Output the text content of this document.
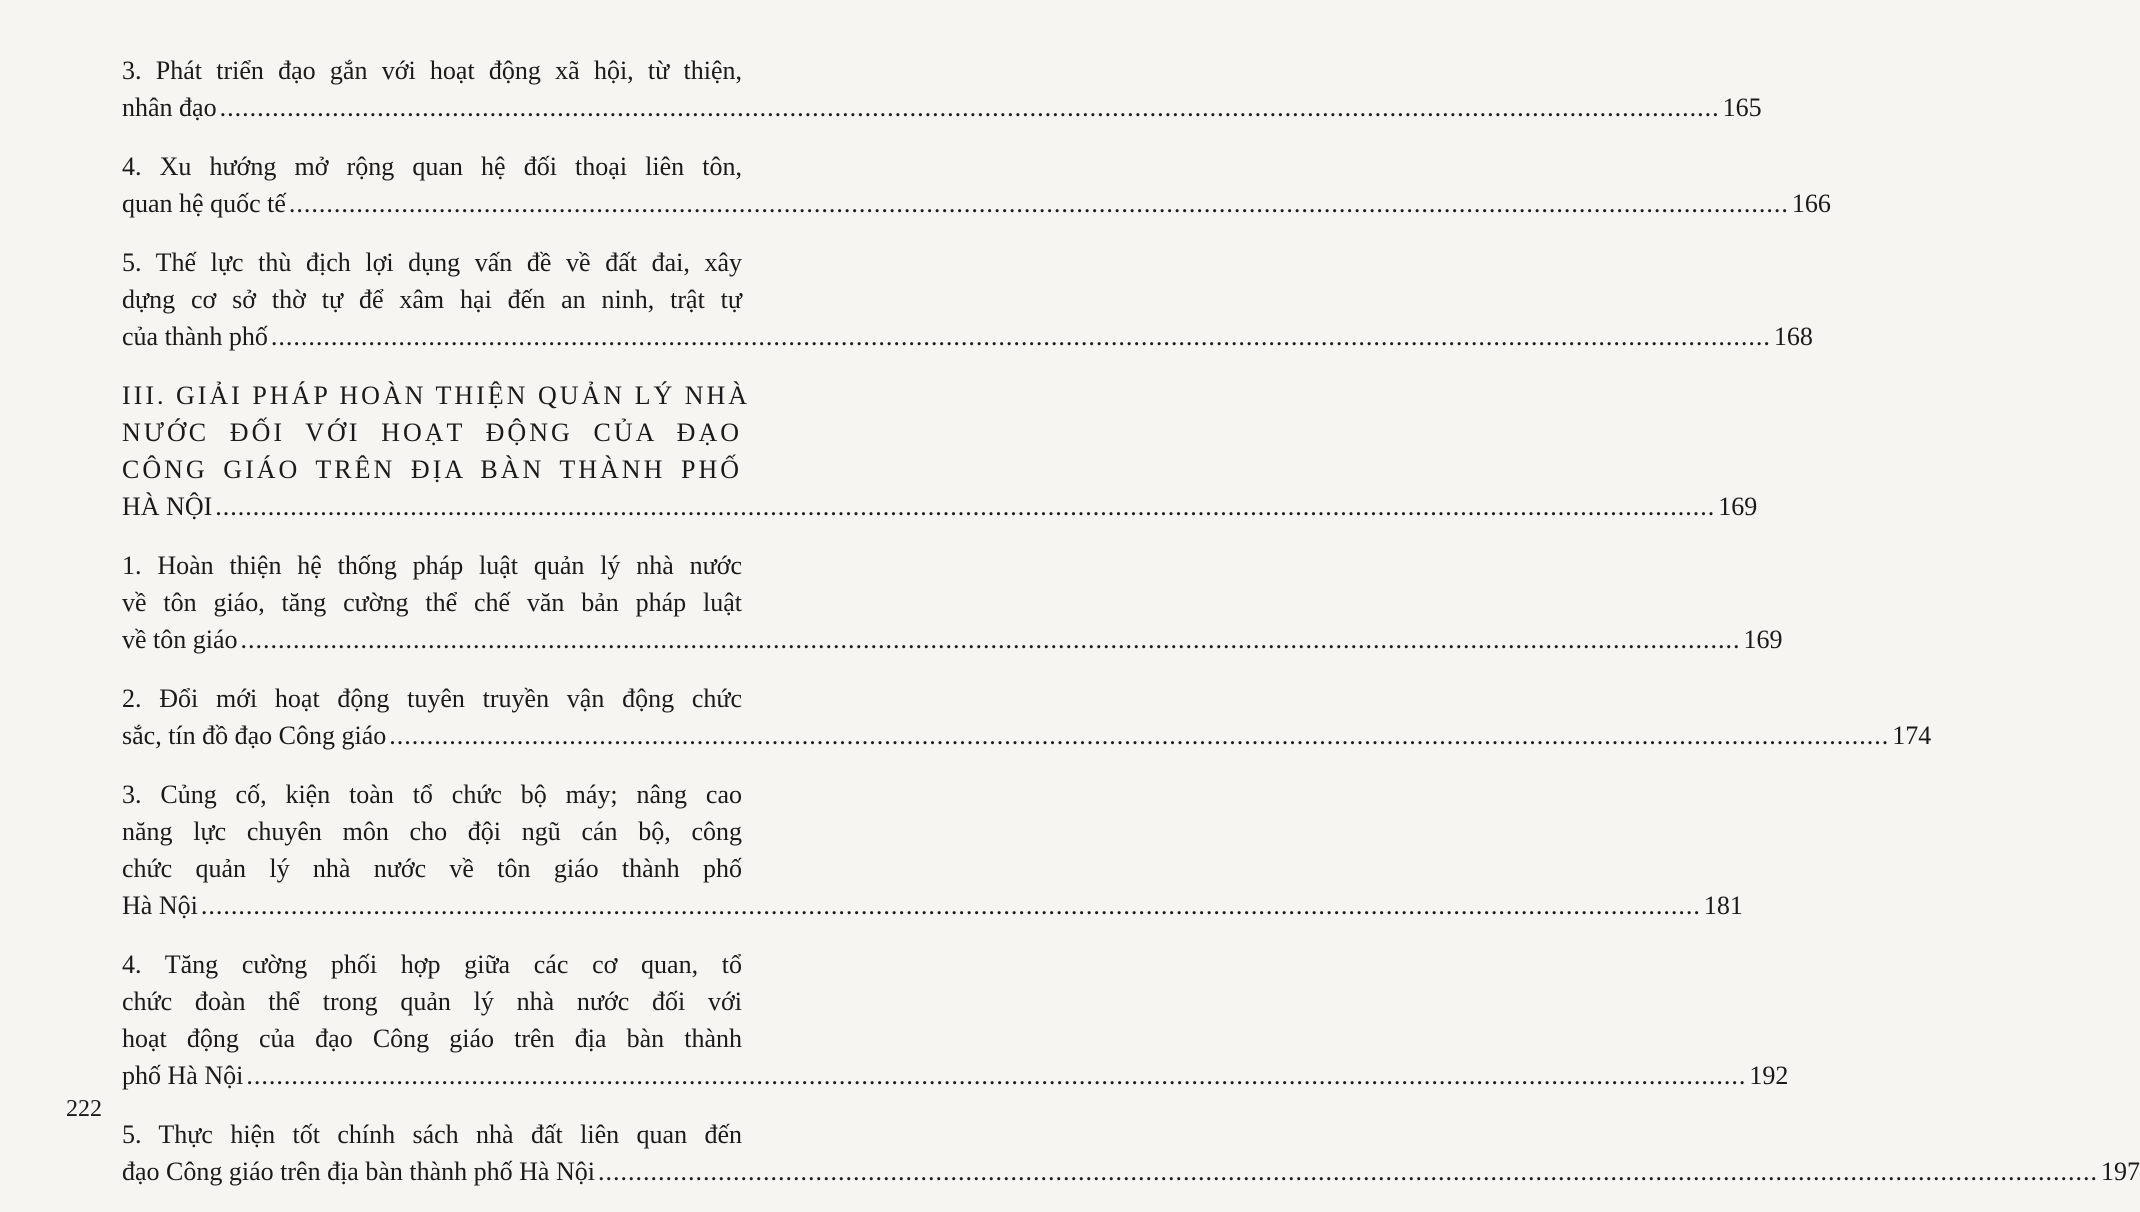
3. Phát triển đạo gắn với hoạt động xã hội, từ thiện,
nhân đạo ........................................................................................................................................................................................................ 165
4. Xu hướng mở rộng quan hệ đối thoại liên tôn,
quan hệ quốc tế ........................................................................................................................................................................................................ 166
5. Thế lực thù địch lợi dụng vấn đề về đất đai, xây
dựng cơ sở thờ tự để xâm hại đến an ninh, trật tự
của thành phố ........................................................................................................................................................................................................ 168
III. GIẢI PHÁP HOÀN THIỆN QUẢN LÝ NHÀ
NƯỚC ĐỐI VỚI HOẠT ĐỘNG CỦA ĐẠO
CÔNG GIÁO TRÊN ĐỊA BÀN THÀNH PHỐ
HÀ NỘI ........................................................................................................................................................................................................ 169
1. Hoàn thiện hệ thống pháp luật quản lý nhà nước
về tôn giáo, tăng cường thể chế văn bản pháp luật
về tôn giáo ........................................................................................................................................................................................................ 169
2. Đổi mới hoạt động tuyên truyền vận động chức
sắc, tín đồ đạo Công giáo ........................................................................................................................................................................................................ 174
3. Củng cố, kiện toàn tổ chức bộ máy; nâng cao
năng lực chuyên môn cho đội ngũ cán bộ, công
chức quản lý nhà nước về tôn giáo thành phố
Hà Nội ........................................................................................................................................................................................................ 181
4. Tăng cường phối hợp giữa các cơ quan, tổ
chức đoàn thể trong quản lý nhà nước đối với
hoạt động của đạo Công giáo trên địa bàn thành
phố Hà Nội ........................................................................................................................................................................................................ 192
5. Thực hiện tốt chính sách nhà đất liên quan đến
đạo Công giáo trên địa bàn thành phố Hà Nội ........................................................................................................................................................................................................ 197
222
